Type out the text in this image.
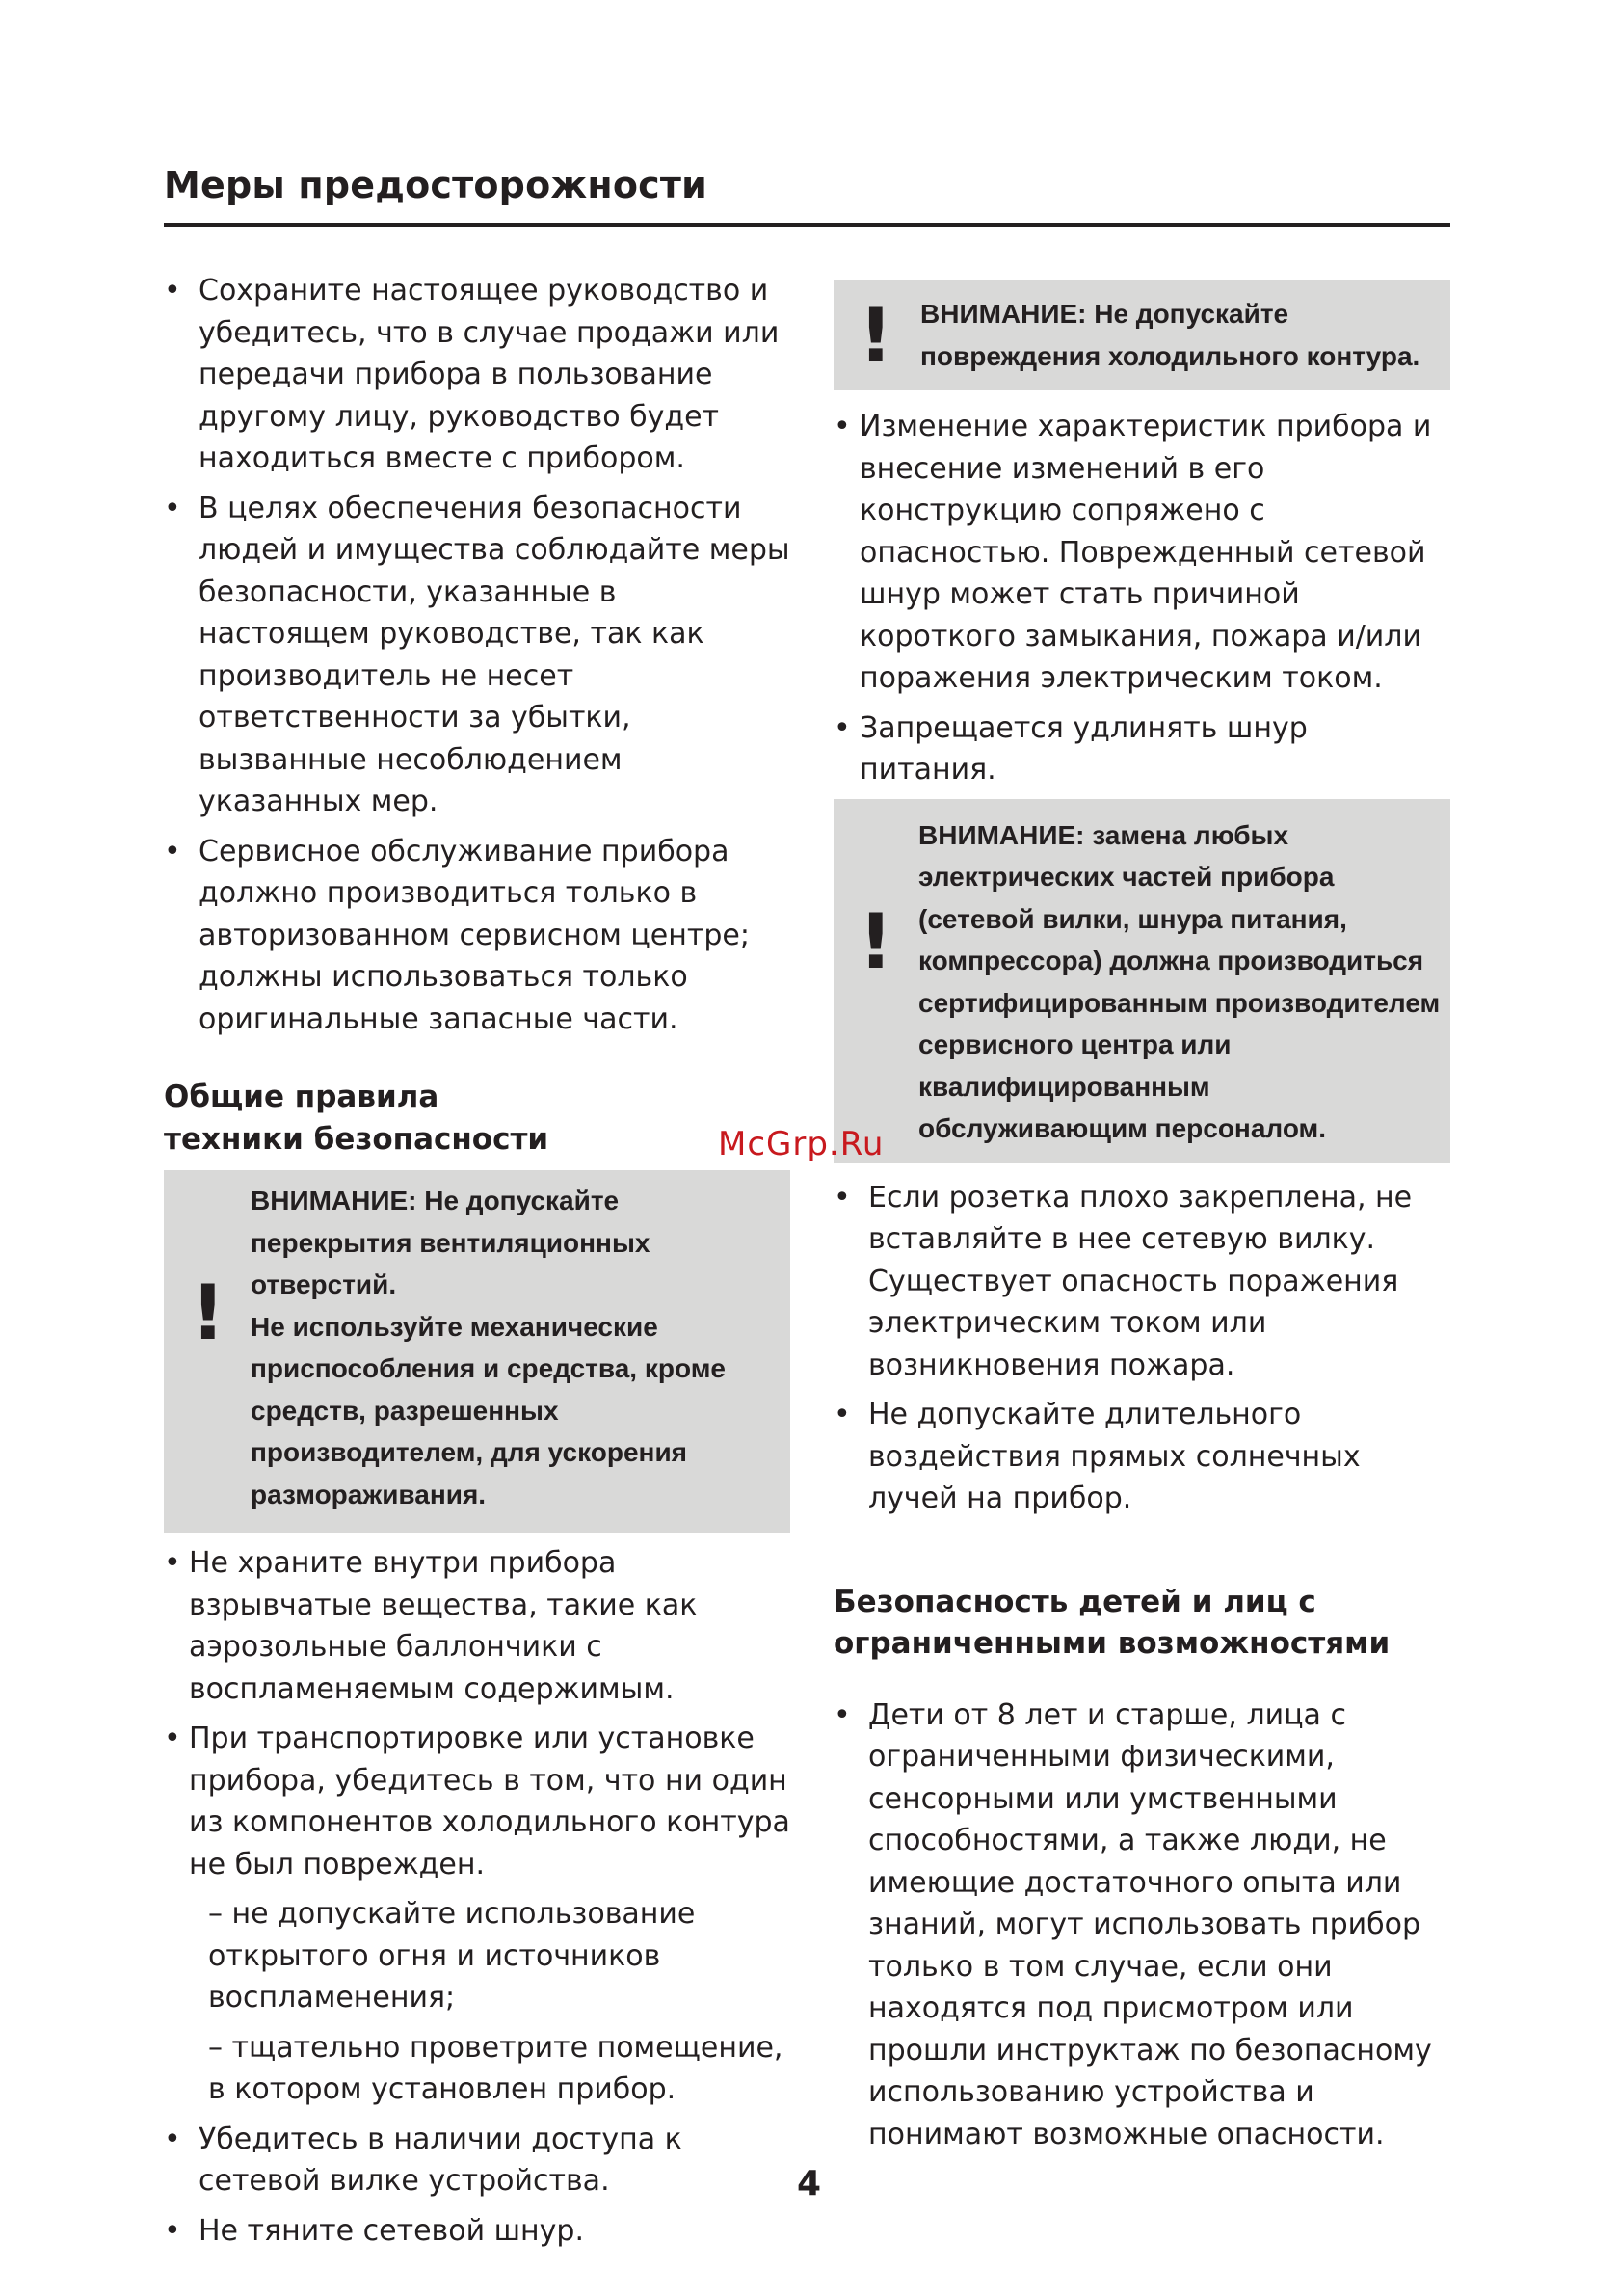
Меры предосторожности
• Сохраните настоящее руководство и убедитесь, что в случае продажи или передачи прибора в пользование другому лицу, руководство будет находиться вместе с прибором.
• В целях обеспечения безопасности людей и имущества соблюдайте меры безопасности, указанные в настоящем руководстве, так как производитель не несет ответственности за убытки, вызванные несоблюдением указанных мер.
• Сервисное обслуживание прибора должно производиться только в авторизованном сервисном центре; должны использоваться только оригинальные запасные части.
Общие правила техники безопасности
!

ВНИМАНИЕ: Не допускайте перекрытия вентиляционных отверстий.

Не используйте механические приспособления и средства, кроме средств, разрешенных производителем, для ускорения размораживания.

• Не храните внутри прибора взрывчатые вещества, такие как аэрозольные баллончики с воспламеняемым содержимым.
• При транспортировке или установке прибора, убедитесь в том, что ни один из компонентов холодильного контура не был поврежден.

– не допускайте использование открытого огня и источников воспламенения;

– тщательно проветрите помещение, в котором установлен прибор.

• Убедитесь в наличии доступа к сетевой вилке устройства.
• Не тяните сетевой шнур.
! ВНИМАНИЕ: Не допускайте повреждения холодильного контура.

• Изменение характеристик прибора и внесение изменений в его конструкцию сопряжено с опасностью. Поврежденный сетевой шнур может стать причиной короткого замыкания, пожара и/или поражения электрическим током.
• Запрещается удлинять шнур питания.
!

ВНИМАНИЕ: замена любых электрических частей прибора (сетевой вилки, шнура питания, компрессора) должна производиться сертифицированным производителем сервисного центра или квалифицированным обслуживающим персоналом.

• Если розетка плохо закреплена, не вставляйте в нее сетевую вилку. Существует опасность поражения электрическим током или возникновения пожара.
• Не допускайте длительного воздействия прямых солнечных лучей на прибор.
Безопасность детей и лиц с ограниченными возможностями
• Дети от 8 лет и старше, лица с ограниченными физическими, сенсорными или умственными способностями, а также люди, не имеющие достаточного опыта или знаний, могут использовать прибор только в том случае, если они находятся под присмотром или прошли инструктаж по безопасному использованию устройства и понимают возможные опасности.

McGrp.Ru

4
